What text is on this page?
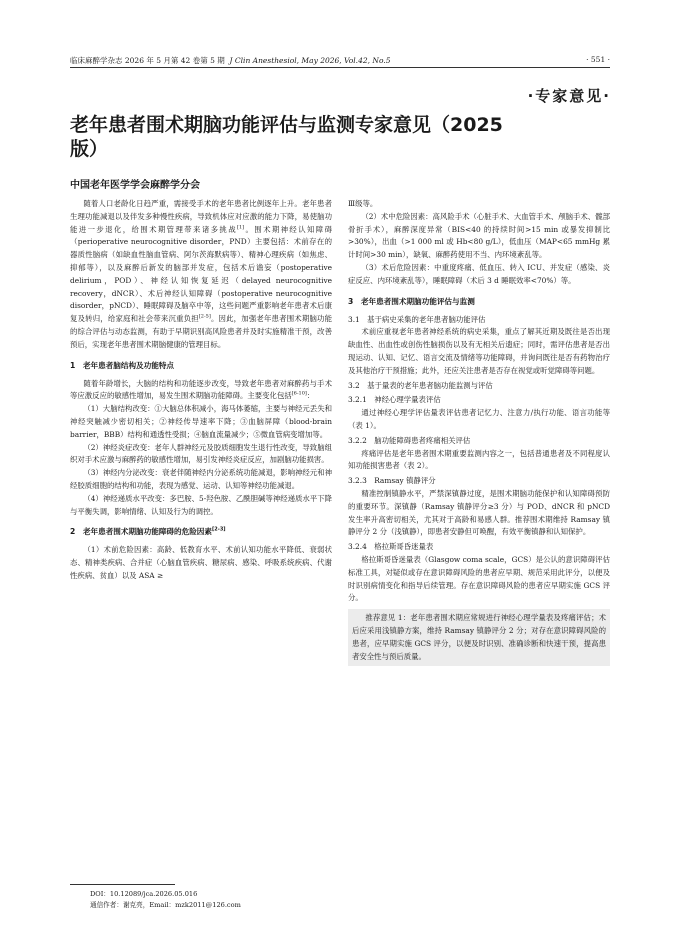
临床麻醉学杂志 2026 年 5 月第 42 卷第 5 期 J Clin Anesthesiol, May 2026, Vol.42, No.5	· 551 ·
·专家意见·
老年患者围术期脑功能评估与监测专家意见（2025 版）
中国老年医学学会麻醉学分会

随着人口老龄化日趋严重，需接受手术的老年患者比例逐年上升。老年患者生理功能减退以及伴发多种慢性疾病，导致机体应对应激的能力下降，易使脑功能进一步退化，给围术期管理带来诸多挑战[1]。围术期神经认知障碍（perioperative neurocognitive disorder，PND）主要包括：术前存在的器质性脑病（如缺血性脑血管病、阿尔茨海默病等）、精神心理疾病（如焦虑、抑郁等），以及麻醉后新发的脑部并发症，包括术后谵妄（postoperative delirium，POD）、神经认知恢复延迟（delayed neurocognitive recovery，dNCR）、术后神经认知障碍（postoperative neurocognitive disorder，pNCD）、睡眠障碍及脑卒中等，这些问题严重影响老年患者术后康复及转归，给家庭和社会带来沉重负担[2-5]。因此，加强老年患者围术期脑功能的综合评估与动态监测，有助于早期识别高风险患者并及时实施精准干预，改善预后，实现老年患者围术期脑健康的管理目标。

1　老年患者脑结构及功能特点

随着年龄增长，大脑的结构和功能逐步改变，导致老年患者对麻醉药与手术等应激反应的敏感性增加，易发生围术期脑功能障碍。主要变化包括[6-10]：

（1）大脑结构改变：①大脑总体积减小，海马体萎缩，主要与神经元丢失和神经突触减少密切相关；②神经传导速率下降；③血脑屏障（blood-brain barrier，BBB）结构和通透性受损；④脑血流量减少；⑤微血管病变增加等。

（2）神经炎症改变：老年人群神经元及胶质细胞发生退行性改变，导致脑组织对手术应激与麻醉药的敏感性增加，易引发神经炎症反应，加剧脑功能损害。

（3）神经内分泌改变：衰老伴随神经内分泌系统功能减退，影响神经元和神经胶质细胞的结构和功能，表现为感觉、运动、认知等神经功能减退。

（4）神经递质水平改变：多巴胺、5-羟色胺、乙酰胆碱等神经递质水平下降与平衡失调，影响情绪、认知及行为的调控。

2　老年患者围术期脑功能障碍的危险因素[2-3]

（1）术前危险因素：高龄、低教育水平、术前认知功能水平降低、衰弱状态、精神类疾病、合并症（心脑血管疾病、糖尿病、感染、呼吸系统疾病、代谢性疾病、贫血）以及 ASA ≥

Ⅲ级等。

（2）术中危险因素：高风险手术（心脏手术、大血管手术、颅脑手术、髋部骨折手术），麻醉深度异常（BIS<40 的持续时间>15 min 或暴发抑制比>30%），出血（>1 000 ml 或 Hb<80 g/L），低血压（MAP<65 mmHg 累计时间>30 min），缺氧、麻醉药使用不当、内环境紊乱等。

（3）术后危险因素：中重度疼痛、低血压、转入 ICU、并发症（感染、炎症反应、内环境紊乱等），睡眠障碍（术后 3 d 睡眠效率<70%）等。

3　老年患者围术期脑功能评估与监测
3.1　基于病史采集的老年患者脑功能评估

术前应重视老年患者神经系统的病史采集，重点了解其近期及既往是否出现缺血性、出血性或创伤性脑损伤以及有无相关后遗症；同时，需评估患者是否出现运动、认知、记忆、语言交流及情绪等功能障碍，并询问既往是否有药物治疗及其他治疗干预措施；此外，还应关注患者是否存在视觉或听觉障碍等问题。

3.2　基于量表的老年患者脑功能监测与评估
3.2.1　神经心理学量表评估

通过神经心理学评估量表评估患者记忆力、注意力/执行功能、语言功能等（表 1）。

3.2.2　脑功能障碍患者疼痛相关评估

疼痛评估是老年患者围术期重要监测内容之一，包括普通患者及不同程度认知功能损害患者（表 2）。

3.2.3　Ramsay 镇静评分

精准控制镇静水平，严禁深镇静过度，是围术期脑功能保护和认知障碍预防的重要环节。深镇静（Ramsay 镇静评分≥3 分）与 POD、dNCR 和 pNCD 发生率升高密切相关，尤其对于高龄和易感人群。推荐围术期维持 Ramsay 镇静评分 2 分（浅镇静），即患者安静但可唤醒，有效平衡镇静和认知保护。

3.2.4　格拉斯哥昏迷量表

格拉斯哥昏迷量表（Glasgow coma scale，GCS）是公认的意识障碍评估标准工具，对疑似或存在意识障碍风险的患者应早期、规范采用此评分，以便及时识别病情变化和指导后续管理。存在意识障碍风险的患者应早期实施 GCS 评分。

推荐意见 1：老年患者围术期应常规进行神经心理学量表及疼痛评估；术后应采用浅镇静方案，维持 Ramsay 镇静评分 2 分；对存在意识障碍风险的患者，应早期实施 GCS 评分，以便及时识别、准确诊断和快速干预，提高患者安全性与预后质量。

DOI：10.12089/jca.2026.05.016
通信作者：谢克亮，Email：mzk2011@126.com
